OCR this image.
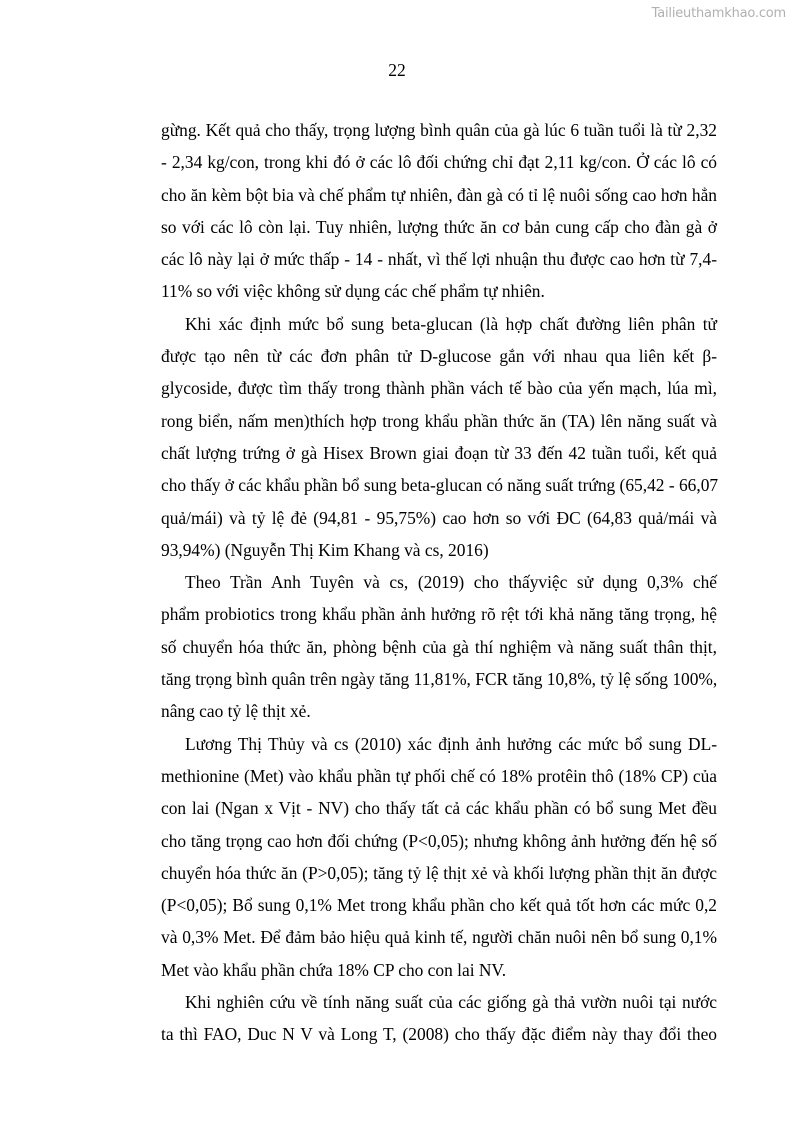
Tailieuthamkhao.com
22
gừng. Kết quả cho thấy, trọng lượng bình quân của gà lúc 6 tuần tuổi là từ 2,32
- 2,34 kg/con, trong khi đó ở các lô đối chứng chỉ đạt 2,11 kg/con. Ở các lô có
cho ăn kèm bột bia và chế phẩm tự nhiên, đàn gà có tỉ lệ nuôi sống cao hơn hẳn
so với các lô còn lại. Tuy nhiên, lượng thức ăn cơ bản cung cấp cho đàn gà ở
các lô này lại ở mức thấp - 14 - nhất, vì thế lợi nhuận thu được cao hơn từ 7,4-
11% so với việc không sử dụng các chế phẩm tự nhiên.
Khi xác định mức bổ sung beta-glucan (là hợp chất đường liên phân tử
được tạo nên từ các đơn phân tử D-glucose gắn với nhau qua liên kết β-
glycoside, được tìm thấy trong thành phần vách tế bào của yến mạch, lúa mì,
rong biển, nấm men)thích hợp trong khẩu phần thức ăn (TA) lên năng suất và
chất lượng trứng ở gà Hisex Brown giai đoạn từ 33 đến 42 tuần tuổi, kết quả
cho thấy ở các khẩu phần bổ sung beta-glucan có năng suất trứng (65,42 - 66,07
quả/mái) và tỷ lệ đẻ (94,81 - 95,75%) cao hơn so với ĐC (64,83 quả/mái và
93,94%) (Nguyễn Thị Kim Khang và cs, 2016)
Theo Trần Anh Tuyên và cs, (2019) cho thấyviệc sử dụng 0,3% chế
phẩm probiotics trong khẩu phần ảnh hưởng rõ rệt tới khả năng tăng trọng, hệ
số chuyển hóa thức ăn, phòng bệnh của gà thí nghiệm và năng suất thân thịt,
tăng trọng bình quân trên ngày tăng 11,81%, FCR tăng 10,8%, tỷ lệ sống 100%,
nâng cao tỷ lệ thịt xẻ.
Lương Thị Thủy và cs (2010) xác định ảnh hưởng các mức bổ sung DL-
methionine (Met) vào khẩu phần tự phối chế có 18% protêin thô (18% CP) của
con lai (Ngan x Vịt - NV) cho thấy tất cả các khẩu phần có bổ sung Met đều
cho tăng trọng cao hơn đối chứng (P<0,05); nhưng không ảnh hưởng đến hệ số
chuyển hóa thức ăn (P>0,05); tăng tỷ lệ thịt xẻ và khối lượng phần thịt ăn được
(P<0,05); Bổ sung 0,1% Met trong khẩu phần cho kết quả tốt hơn các mức 0,2
và 0,3% Met. Để đảm bảo hiệu quả kinh tế, người chăn nuôi nên bổ sung 0,1%
Met vào khẩu phần chứa 18% CP cho con lai NV.
Khi nghiên cứu về tính năng suất của các giống gà thả vườn nuôi tại nước
ta thì FAO, Duc N V và Long T, (2008) cho thấy đặc điểm này thay đổi theo
